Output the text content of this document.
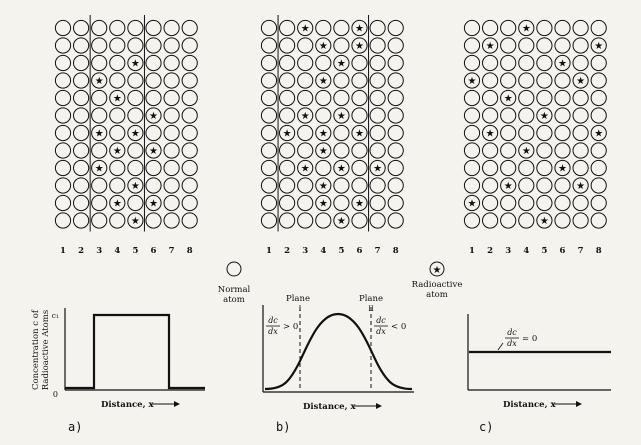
★
★
★
★
★	★
★	★
★
★
★	★
★
★	★
★	★
★
★
★	★
★	★	★
★
★	★	★
★
★	★
★
★
★	★
★
★	★
★
★
★	★
★
★
★	★
★
★
1 2 3 4 5 6 7 8	1 2 3 4 5 6 7 8	1 2 3 4 5 6 7 8
Normal
atom
★
Radioactive
atom
Concentration c of Radioactive Atoms c₁
0
Distance, x
a)
Plane	Plane
I	II
dc
dx > 0
dc
dx < 0
Distance, x
b)
dc
dx = 0
Distance, x
c)
